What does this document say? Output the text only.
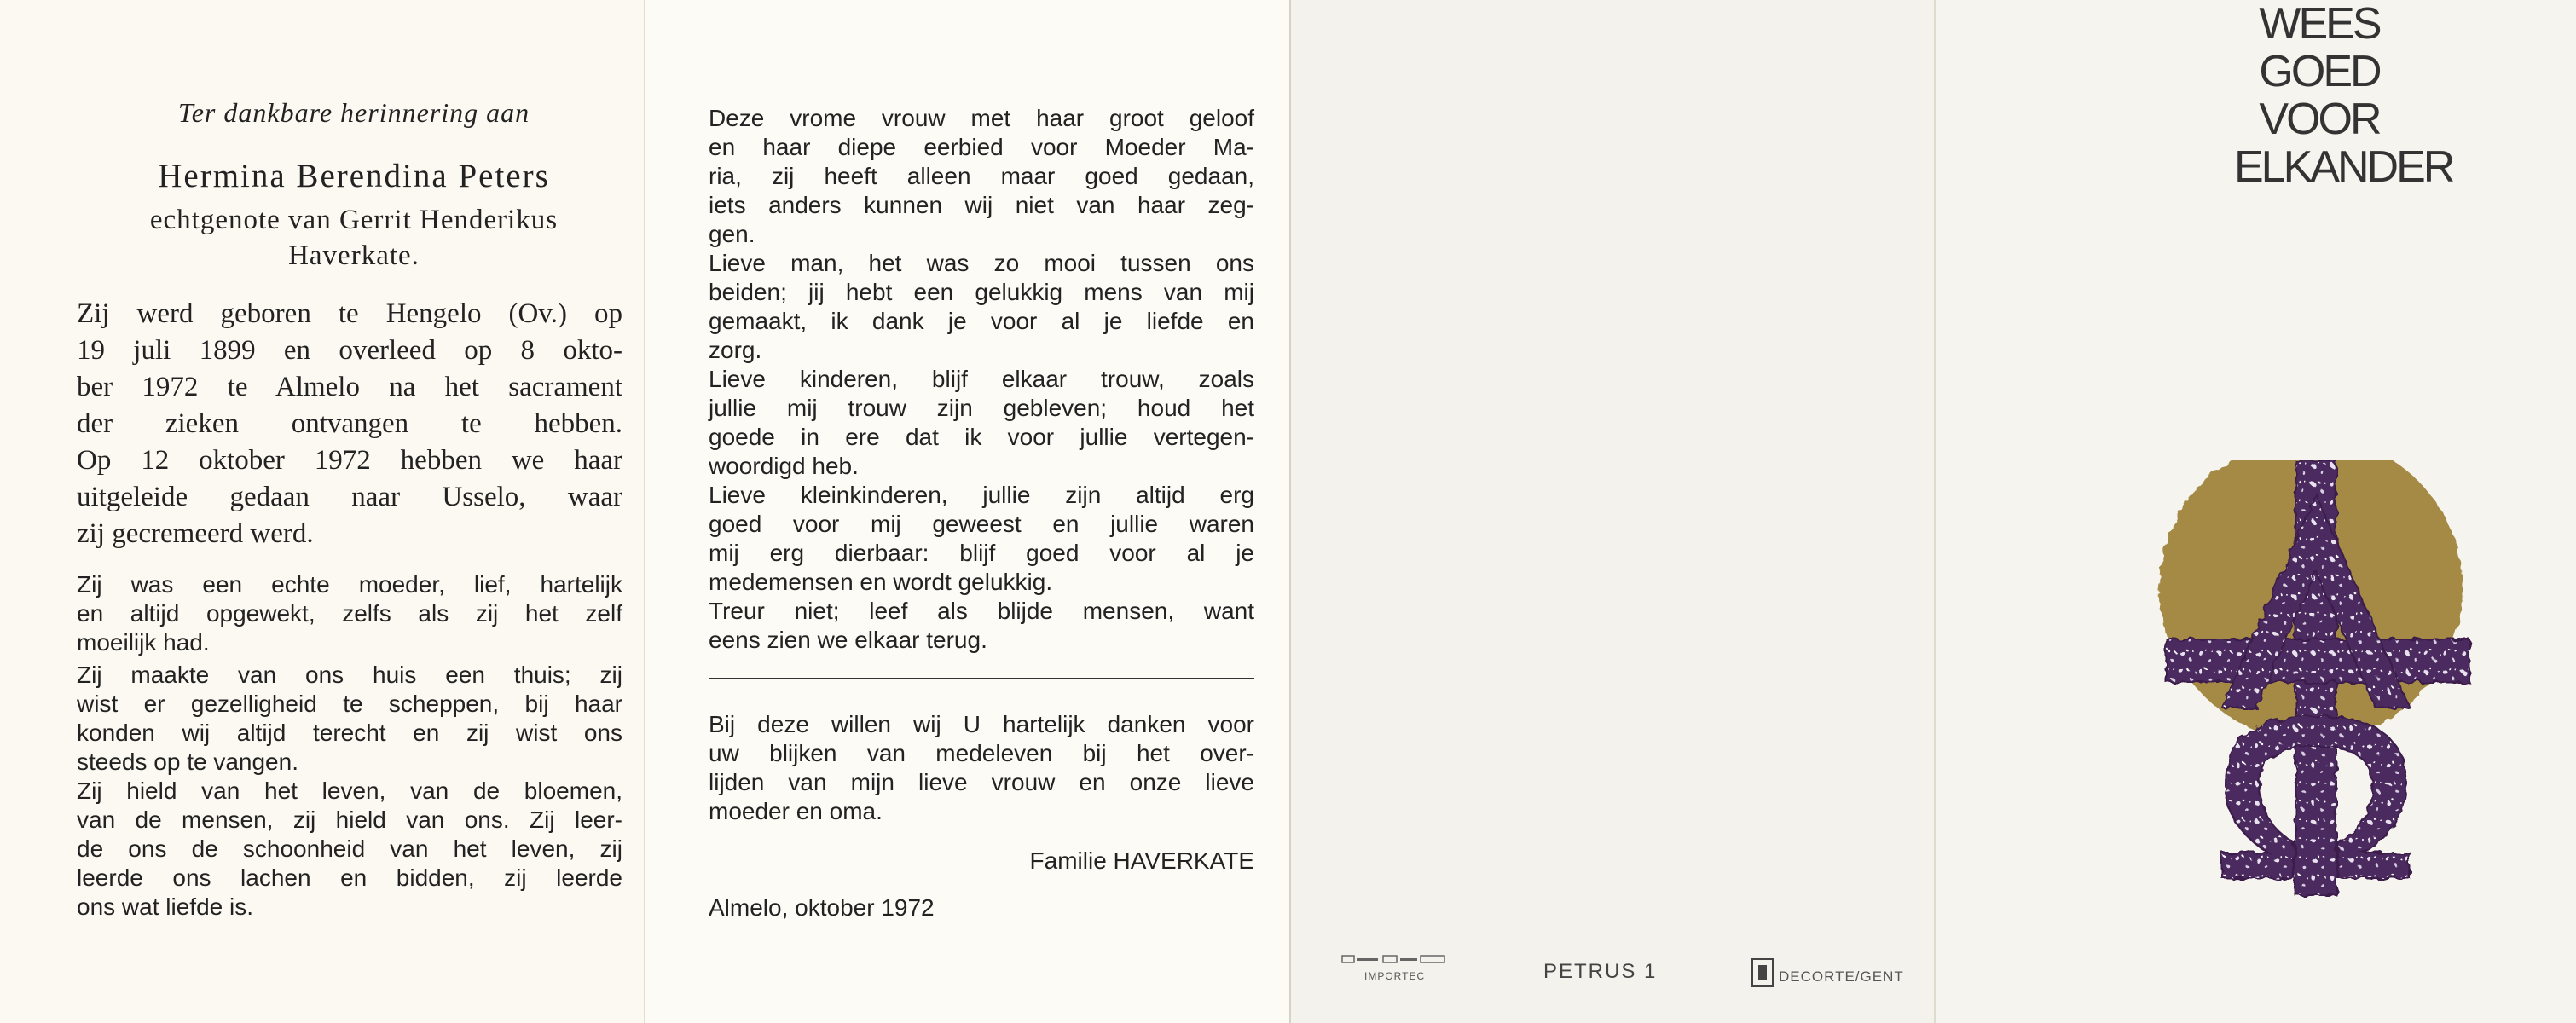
Ter dankbare herinnering aan
Hermina Berendina Peters
echtgenote van Gerrit Henderikus
Haverkate.
Zij werd geboren te Hengelo (Ov.) op
19 juli 1899 en overleed op 8 okto-
ber 1972 te Almelo na het sacrament
der zieken ontvangen te hebben.
Op 12 oktober 1972 hebben we haar
uitgeleide gedaan naar Usselo, waar
zij gecremeerd werd.
Zij was een echte moeder, lief, hartelijk
en altijd opgewekt, zelfs als zij het zelf
moeilijk had.
Zij maakte van ons huis een thuis; zij
wist er gezelligheid te scheppen, bij haar
konden wij altijd terecht en zij wist ons
steeds op te vangen.
Zij hield van het leven, van de bloemen,
van de mensen, zij hield van ons. Zij leer-
de ons de schoonheid van het leven, zij
leerde ons lachen en bidden, zij leerde
ons wat liefde is.
Deze vrome vrouw met haar groot geloof
en haar diepe eerbied voor Moeder Ma-
ria, zij heeft alleen maar goed gedaan,
iets anders kunnen wij niet van haar zeg-
gen.
Lieve man, het was zo mooi tussen ons
beiden; jij hebt een gelukkig mens van mij
gemaakt, ik dank je voor al je liefde en
zorg.
Lieve kinderen, blijf elkaar trouw, zoals
jullie mij trouw zijn gebleven; houd het
goede in ere dat ik voor jullie vertegen-
woordigd heb.
Lieve kleinkinderen, jullie zijn altijd erg
goed voor mij geweest en jullie waren
mij erg dierbaar: blijf goed voor al je
medemensen en wordt gelukkig.
Treur niet; leef als blijde mensen, want
eens zien we elkaar terug.
Bij deze willen wij U hartelijk danken voor
uw blijken van medeleven bij het over-
lijden van mijn lieve vrouw en onze lieve
moeder en oma.
Familie HAVERKATE
Almelo, oktober 1972
IMPORTEC	PETRUS 1	DECORTE/GENT
WEES
GOED
VOOR
ELKANDER
